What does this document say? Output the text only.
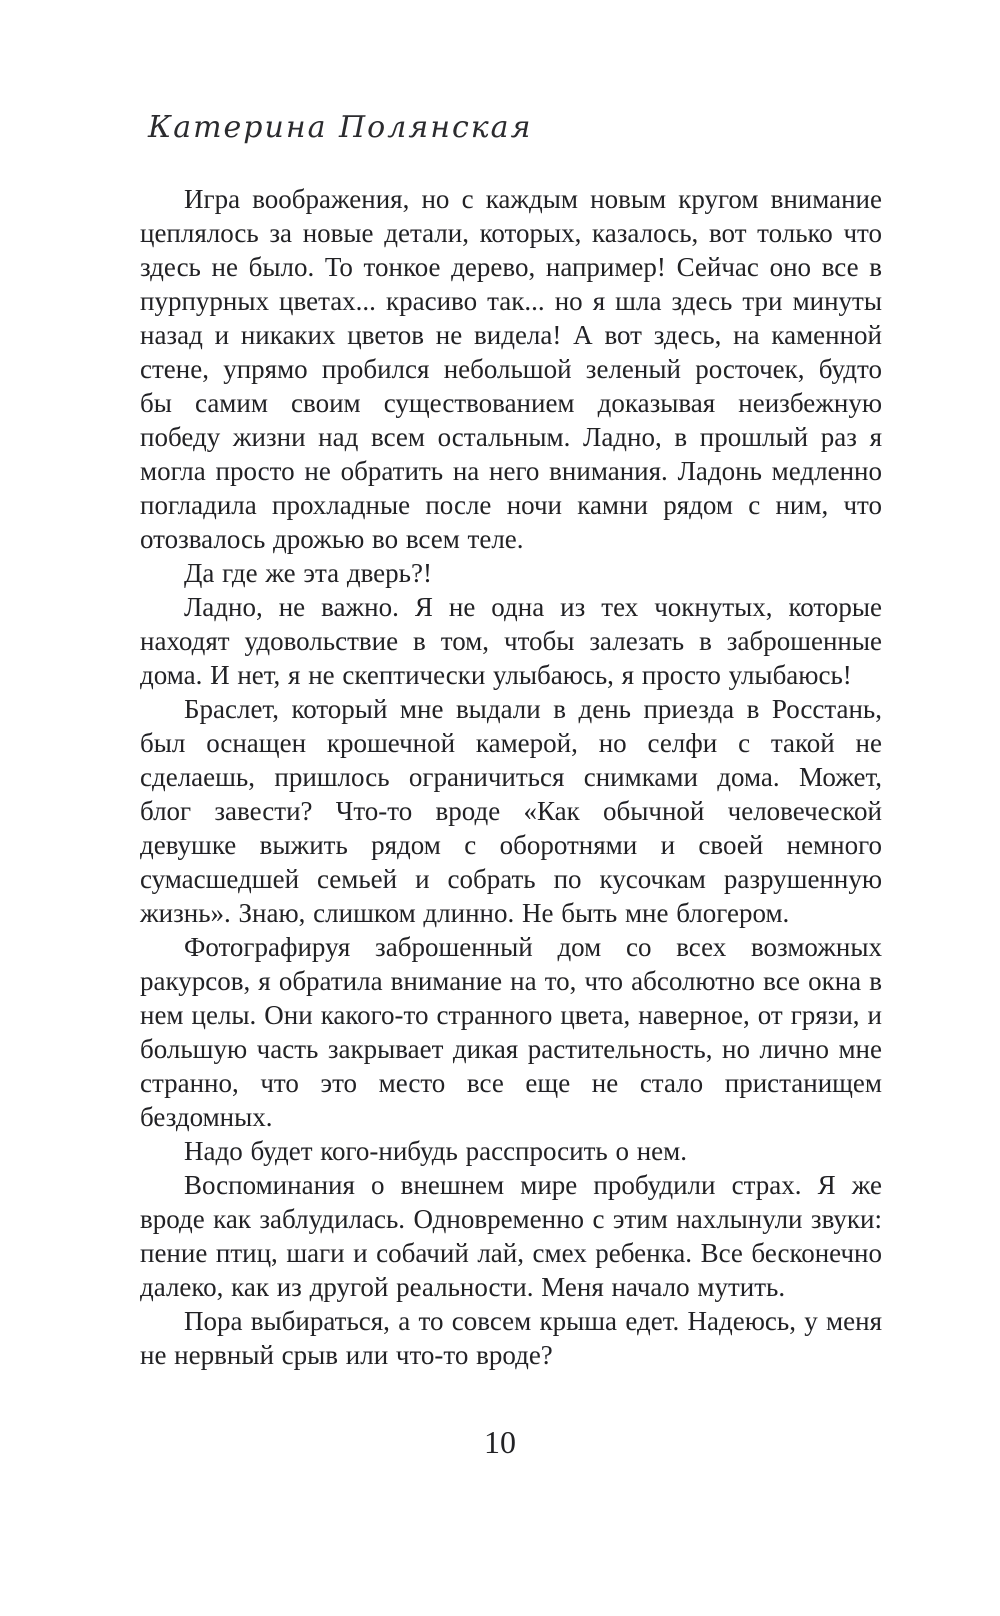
Катерина Полянская

Игра воображения, но с каждым новым кругом внимание цеплялось за новые детали, которых, казалось, вот только что здесь не было. То тонкое дерево, например! Сейчас оно все в пурпурных цветах... красиво так... но я шла здесь три минуты назад и никаких цветов не видела! А вот здесь, на каменной стене, упрямо пробился небольшой зеленый росточек, будто бы самим своим существованием доказывая неизбежную победу жизни над всем остальным. Ладно, в прошлый раз я могла просто не обратить на него внимания. Ладонь медленно погладила прохладные после ночи камни рядом с ним, что отозвалось дрожью во всем теле.

Да где же эта дверь?!

Ладно, не важно. Я не одна из тех чокнутых, которые находят удовольствие в том, чтобы залезать в заброшенные дома. И нет, я не скептически улыбаюсь, я просто улыбаюсь!

Браслет, который мне выдали в день приезда в Росстань, был оснащен крошечной камерой, но селфи с такой не сделаешь, пришлось ограничиться снимками дома. Может, блог завести? Что-то вроде «Как обычной человеческой девушке выжить рядом с оборотнями и своей немного сумасшедшей семьей и собрать по кусочкам разрушенную жизнь». Знаю, слишком длинно. Не быть мне блогером.

Фотографируя заброшенный дом со всех возможных ракурсов, я обратила внимание на то, что абсолютно все окна в нем целы. Они какого-то странного цвета, наверное, от грязи, и большую часть закрывает дикая растительность, но лично мне странно, что это место все еще не стало пристанищем бездомных.

Надо будет кого-нибудь расспросить о нем.

Воспоминания о внешнем мире пробудили страх. Я же вроде как заблудилась. Одновременно с этим нахлынули звуки: пение птиц, шаги и собачий лай, смех ребенка. Все бесконечно далеко, как из другой реальности. Меня начало мутить.

Пора выбираться, а то совсем крыша едет. Надеюсь, у меня не нервный срыв или что-то вроде?

10
